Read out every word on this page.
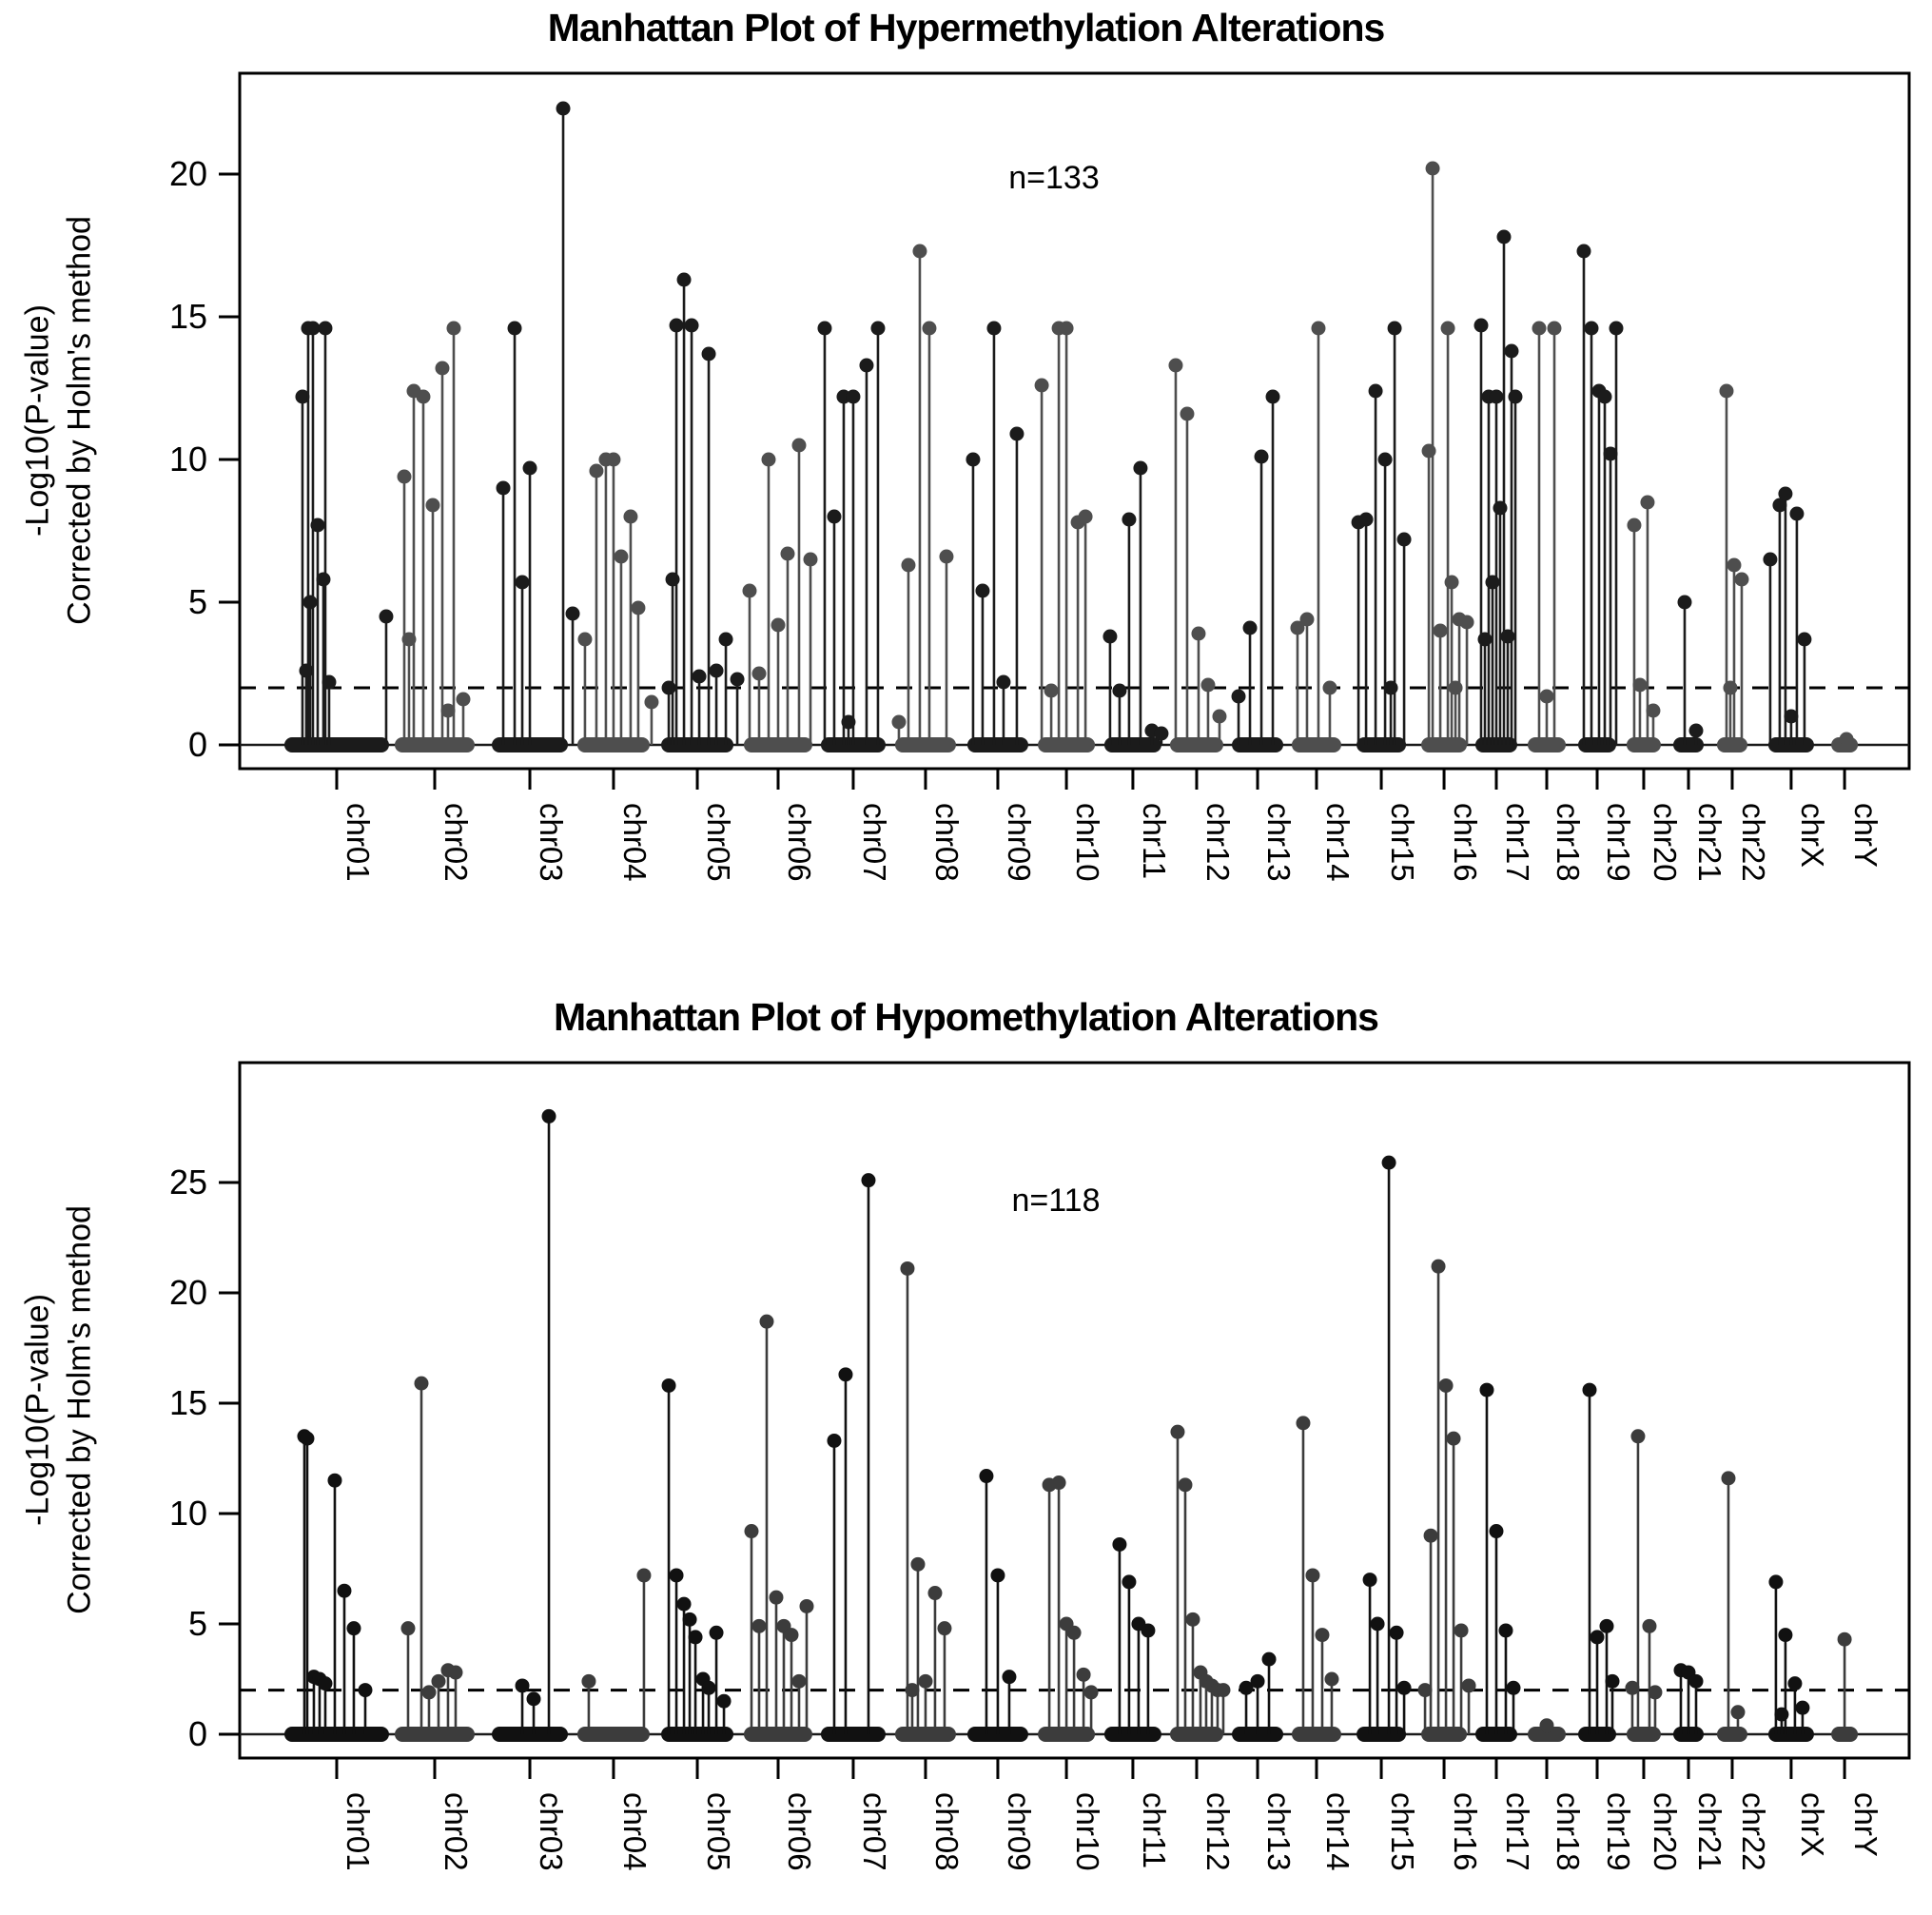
Manhattan Plot of Hypermethylation Alterations
n=133
-Log10(P-value) Corrected by Holm's method
Manhattan Plot of Hypomethylation Alterations
n=118
-Log10(P-value) Corrected by Holm's method
0
5
10
15
20
chr01 chr02 chr03 chr04 chr05 chr06 chr07 chr08 chr09 chr10 chr11 chr12 chr13 chr14 chr15 chr16 chr17 chr18 chr19 chr20 chr21 chr22 chrX chrY
0
5
10
15
20
25
chr01 chr02 chr03 chr04 chr05 chr06 chr07 chr08 chr09 chr10 chr11 chr12 chr13 chr14 chr15 chr16 chr17 chr18 chr19 chr20 chr21 chr22 chrX chrY
